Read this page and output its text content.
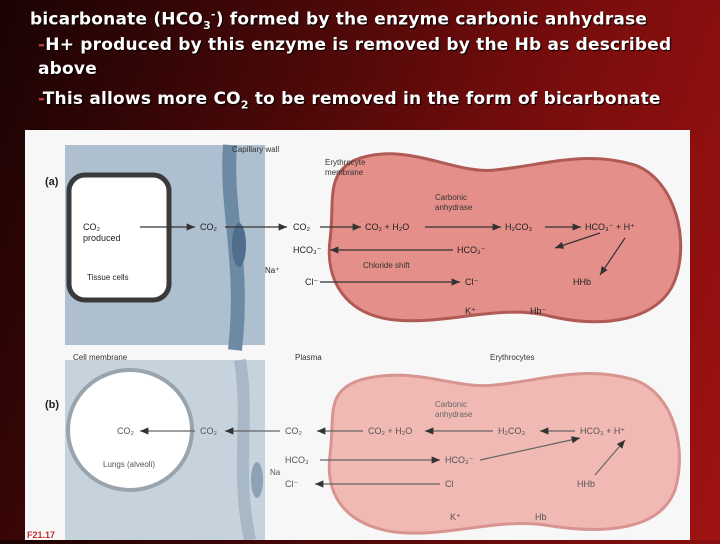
bicarbonate $(HCO_3^-)$ formed by the enzyme carbonic anhydrase
-H+ produced by this enzyme is removed by the Hb as described
above
-This allows more $CO_2$ to be removed in the form of bicarbonate
(a)
(b)
Capillary wall
Erythrocyte
membrane
CO₂
produced
Tissue cells
CO₂	CO₂
Na⁺
Cl⁻
HCO₃⁻
Carbonic
anhydrase
CO₂ + H₂O	H₂CO₃	HCO₃⁻ + H⁺
HCO₃⁻
Chloride shift
Cl⁻	HHb
K⁺	Hb⁻
Cell membrane	Plasma	Erythrocytes
CO₂
Lungs (alveoli)
CO₂	CO₂
HCO₃
Cl⁻
Na
Carbonic
anhydrase
CO₂ + H₂O	H₂CO₃	HCO₃ + H⁺
HCO₃⁻
Cl	HHb
K⁺	Hb
F21.17
